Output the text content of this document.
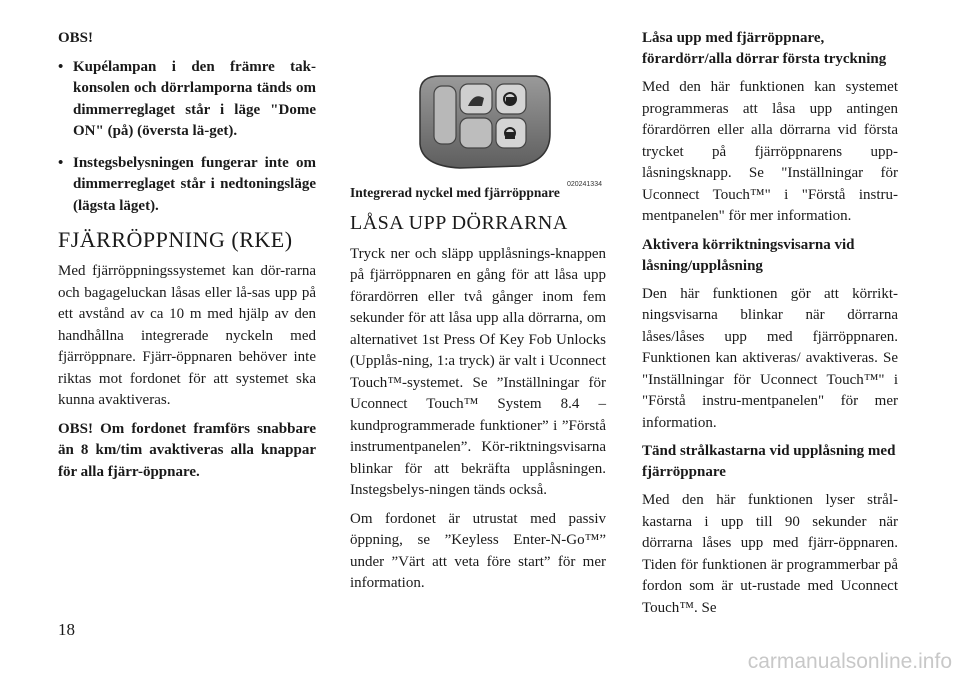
OBS!

• Kupélampan i den främre tak-konsolen och dörrlamporna tänds om dimmerreglaget står i läge "Dome ON" (på) (översta lä-get).
• Instegsbelysningen fungerar inte om dimmerreglaget står i nedtoningsläge (lägsta läget).
FJÄRRÖPPNING (RKE)

Med fjärröppningssystemet kan dör-rarna och bagageluckan låsas eller lå-sas upp på ett avstånd av ca 10 m med hjälp av den handhållna integrerade nyckeln med fjärröppnare. Fjärr-öppnaren behöver inte riktas mot fordonet för att systemet ska kunna avaktiveras.

OBS! Om fordonet framförs snabbare än 8 km/tim avaktiveras alla knappar för alla fjärr-öppnare.

020241334

Integrerad nyckel med fjärröppnare

LÅSA UPP DÖRRARNA

Tryck ner och släpp upplåsnings-knappen på fjärröppnaren en gång för att låsa upp förardörren eller två gånger inom fem sekunder för att låsa upp alla dörrarna, om alternativet 1st Press Of Key Fob Unlocks (Upplås-ning, 1:a tryck) är valt i Uconnect Touch™-systemet. Se ”Inställningar för Uconnect Touch™ System 8.4 – kundprogrammerade funktioner” i ”Förstå instrumentpanelen”. Kör-riktningsvisarna blinkar för att bekräfta upplåsningen. Instegsbelys-ningen tänds också.

Om fordonet är utrustat med passiv öppning, se ”Keyless Enter-N-Go™” under ”Värt att veta före start” för mer information.

Låsa upp med fjärröppnare, förardörr/alla dörrar första tryckning

Med den här funktionen kan systemet programmeras att låsa upp antingen förardörren eller alla dörrarna vid första trycket på fjärröppnarens upp-låsningsknapp. Se "Inställningar för Uconnect Touch™" i "Förstå instru-mentpanelen" för mer information.

Aktivera körriktningsvisarna vid låsning/upplåsning

Den här funktionen gör att körrikt-ningsvisarna blinkar när dörrarna låses/låses upp med fjärröppnaren. Funktionen kan aktiveras/ avaktiveras. Se "Inställningar för Uconnect Touch™" i "Förstå instru-mentpanelen" för mer information.

Tänd strålkastarna vid upplåsning med fjärröppnare

Med den här funktionen lyser strål-kastarna i upp till 90 sekunder när dörrarna låses upp med fjärr-öppnaren. Tiden för funktionen är programmerbar på fordon som är ut-rustade med Uconnect Touch™. Se

18
carmanualsonline.info
